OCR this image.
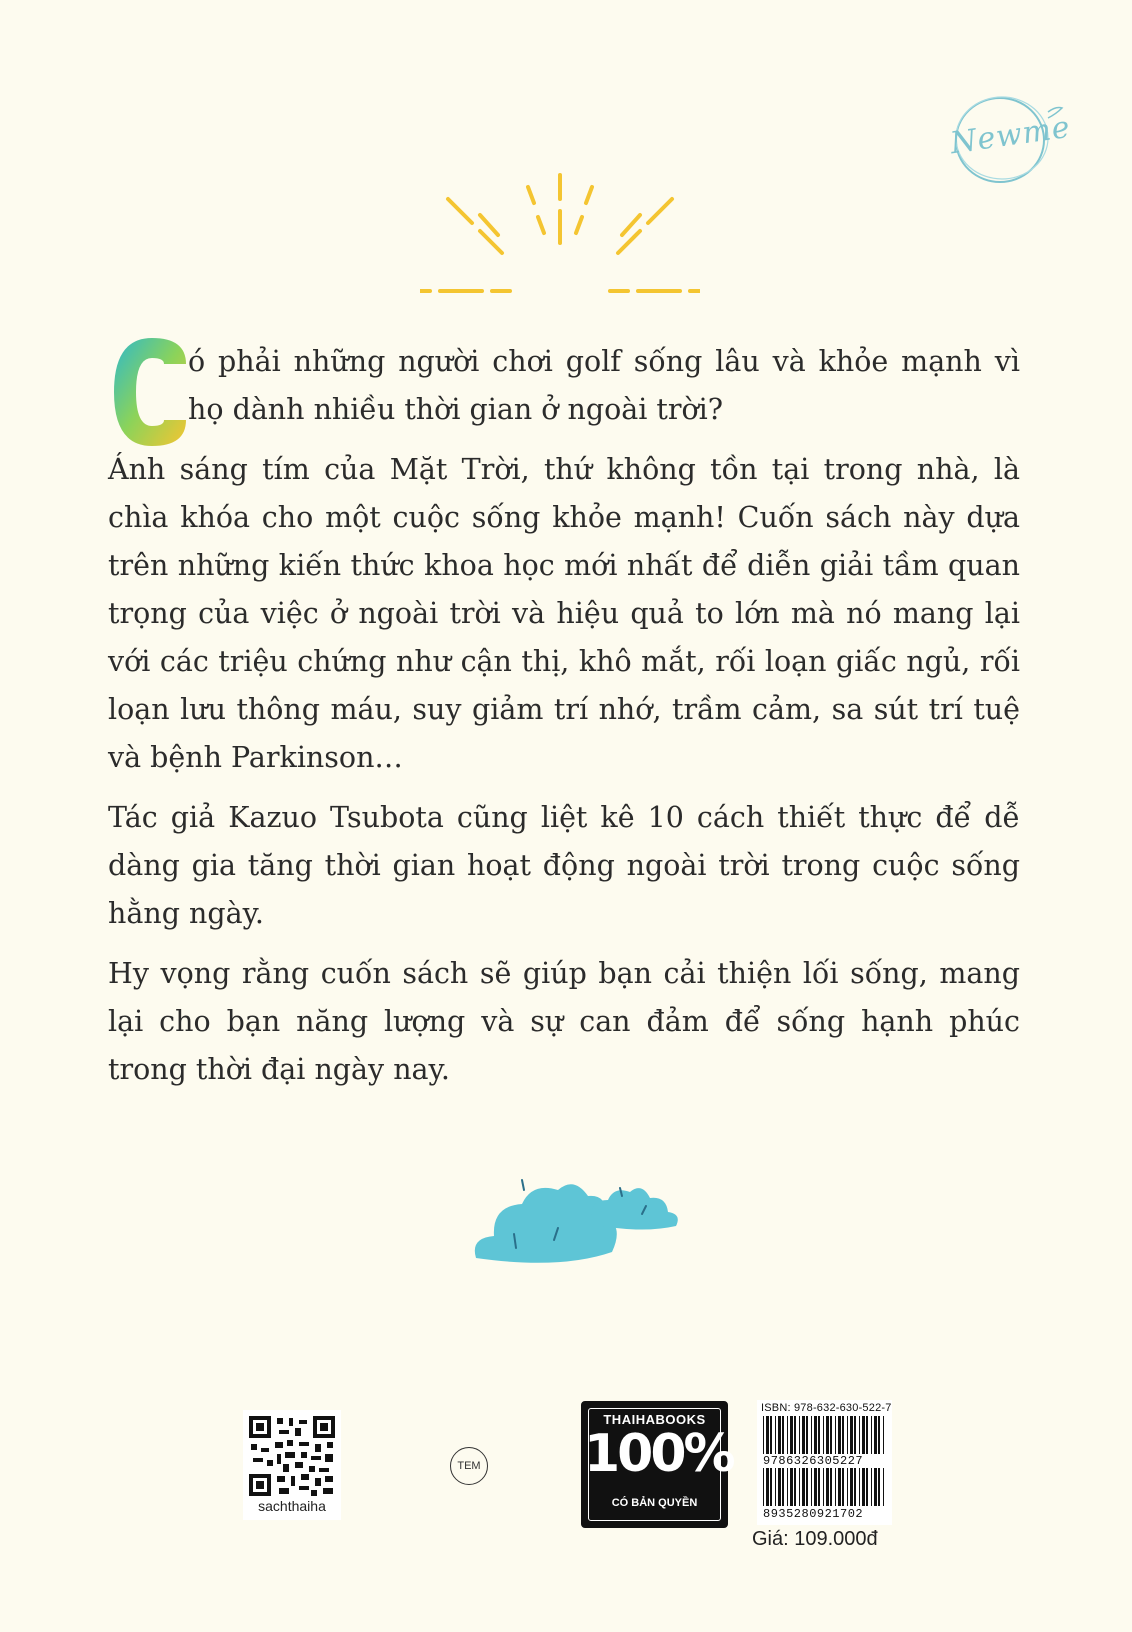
Newme

ó phải những người chơi golf sống lâu và khỏe mạnh vì họ dành nhiều thời gian ở ngoài trời?

Ánh sáng tím của Mặt Trời, thứ không tồn tại trong nhà, là chìa khóa cho một cuộc sống khỏe mạnh! Cuốn sách này dựa trên những kiến thức khoa học mới nhất để diễn giải tầm quan trọng của việc ở ngoài trời và hiệu quả to lớn mà nó mang lại với các triệu chứng như cận thị, khô mắt, rối loạn giấc ngủ, rối loạn lưu thông máu, suy giảm trí nhớ, trầm cảm, sa sút trí tuệ và bệnh Parkinson…

Tác giả Kazuo Tsubota cũng liệt kê 10 cách thiết thực để dễ dàng gia tăng thời gian hoạt động ngoài trời trong cuộc sống hằng ngày.

Hy vọng rằng cuốn sách sẽ giúp bạn cải thiện lối sống, mang lại cho bạn năng lượng và sự can đảm để sống hạnh phúc trong thời đại ngày nay.

sachthaiha
TEM
THAIHABOOKS
100%
CÓ BẢN QUYỀN
ISBN: 978-632-630-522-7
9786326305227
8935280921702
Giá: 109.000đ
